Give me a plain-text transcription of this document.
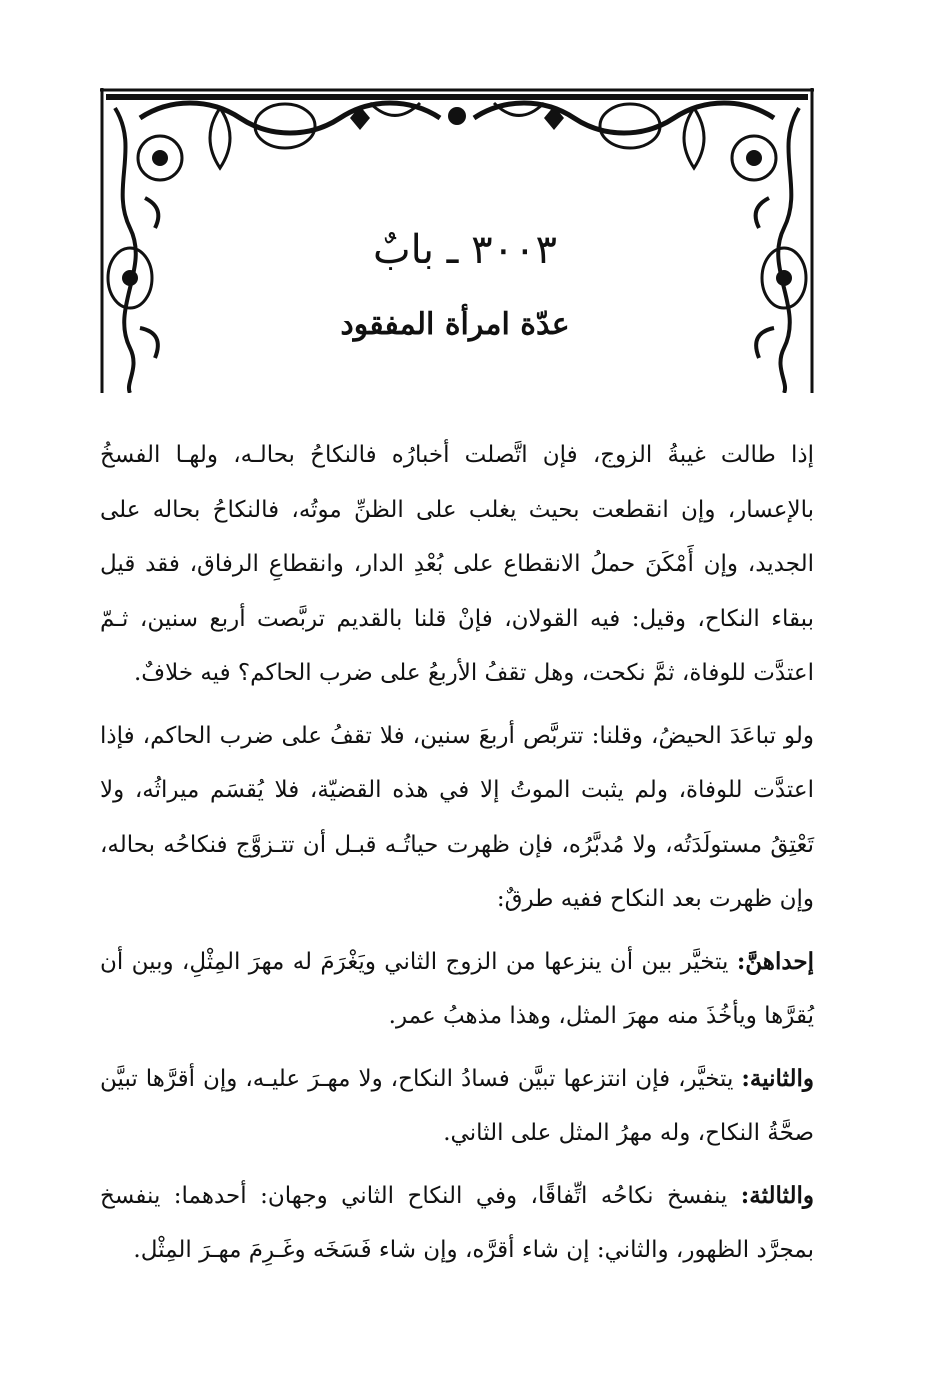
٣٠٠٣ ـ بابٌ
عدّة امرأة المفقود

إذا طالت غيبةُ الزوج، فإن اتَّصلت أخبارُه فالنكاحُ بحالـه، ولهـا الفسخُ بالإعسار، وإن انقطعت بحيث يغلب على الظنِّ موتُه، فالنكاحُ بحاله على الجديد، وإن أَمْكَنَ حملُ الانقطاع على بُعْدِ الدار، وانقطاعِ الرفاق، فقد قيل ببقاء النكاح، وقيل: فيه القولان، فإنْ قلنا بالقديم تربَّصت أربع سنين، ثـمّ اعتدَّت للوفاة، ثمَّ نكحت، وهل تقفُ الأربعُ على ضرب الحاكم؟ فيه خلافٌ.

ولو تباعَدَ الحيضُ، وقلنا: تتربَّص أربعَ سنين، فلا تقفُ على ضرب الحاكم، فإذا اعتدَّت للوفاة، ولم يثبت الموتُ إلا في هذه القضيّة، فلا يُقسَم ميراثُه، ولا تَعْتِقُ مستولَدَتُه، ولا مُدبَّرُه، فإن ظهرت حياتُـه قبـل أن تتـزوَّج فنكاحُه بحاله، وإن ظهرت بعد النكاح ففيه طرقٌ:

إحداهنَّ: يتخيَّر بين أن ينزعها من الزوج الثاني ويَغْرَمَ له مهرَ المِثْلِ، وبين أن يُقرَّها ويأخُذَ منه مهرَ المثل، وهذا مذهبُ عمر.

والثانية: يتخيَّر، فإن انتزعها تبيَّن فسادُ النكاح، ولا مهـرَ عليـه، وإن أقرَّها تبيَّن صحَّةُ النكاح، وله مهرُ المثل على الثاني.

والثالثة: ينفسخ نكاحُه اتِّفاقًا، وفي النكاح الثاني وجهان: أحدهما: ينفسخ بمجرَّد الظهور، والثاني: إن شاء أقرَّه، وإن شاء فَسَخَه وغَـرِمَ مهـرَ المِثْل.
